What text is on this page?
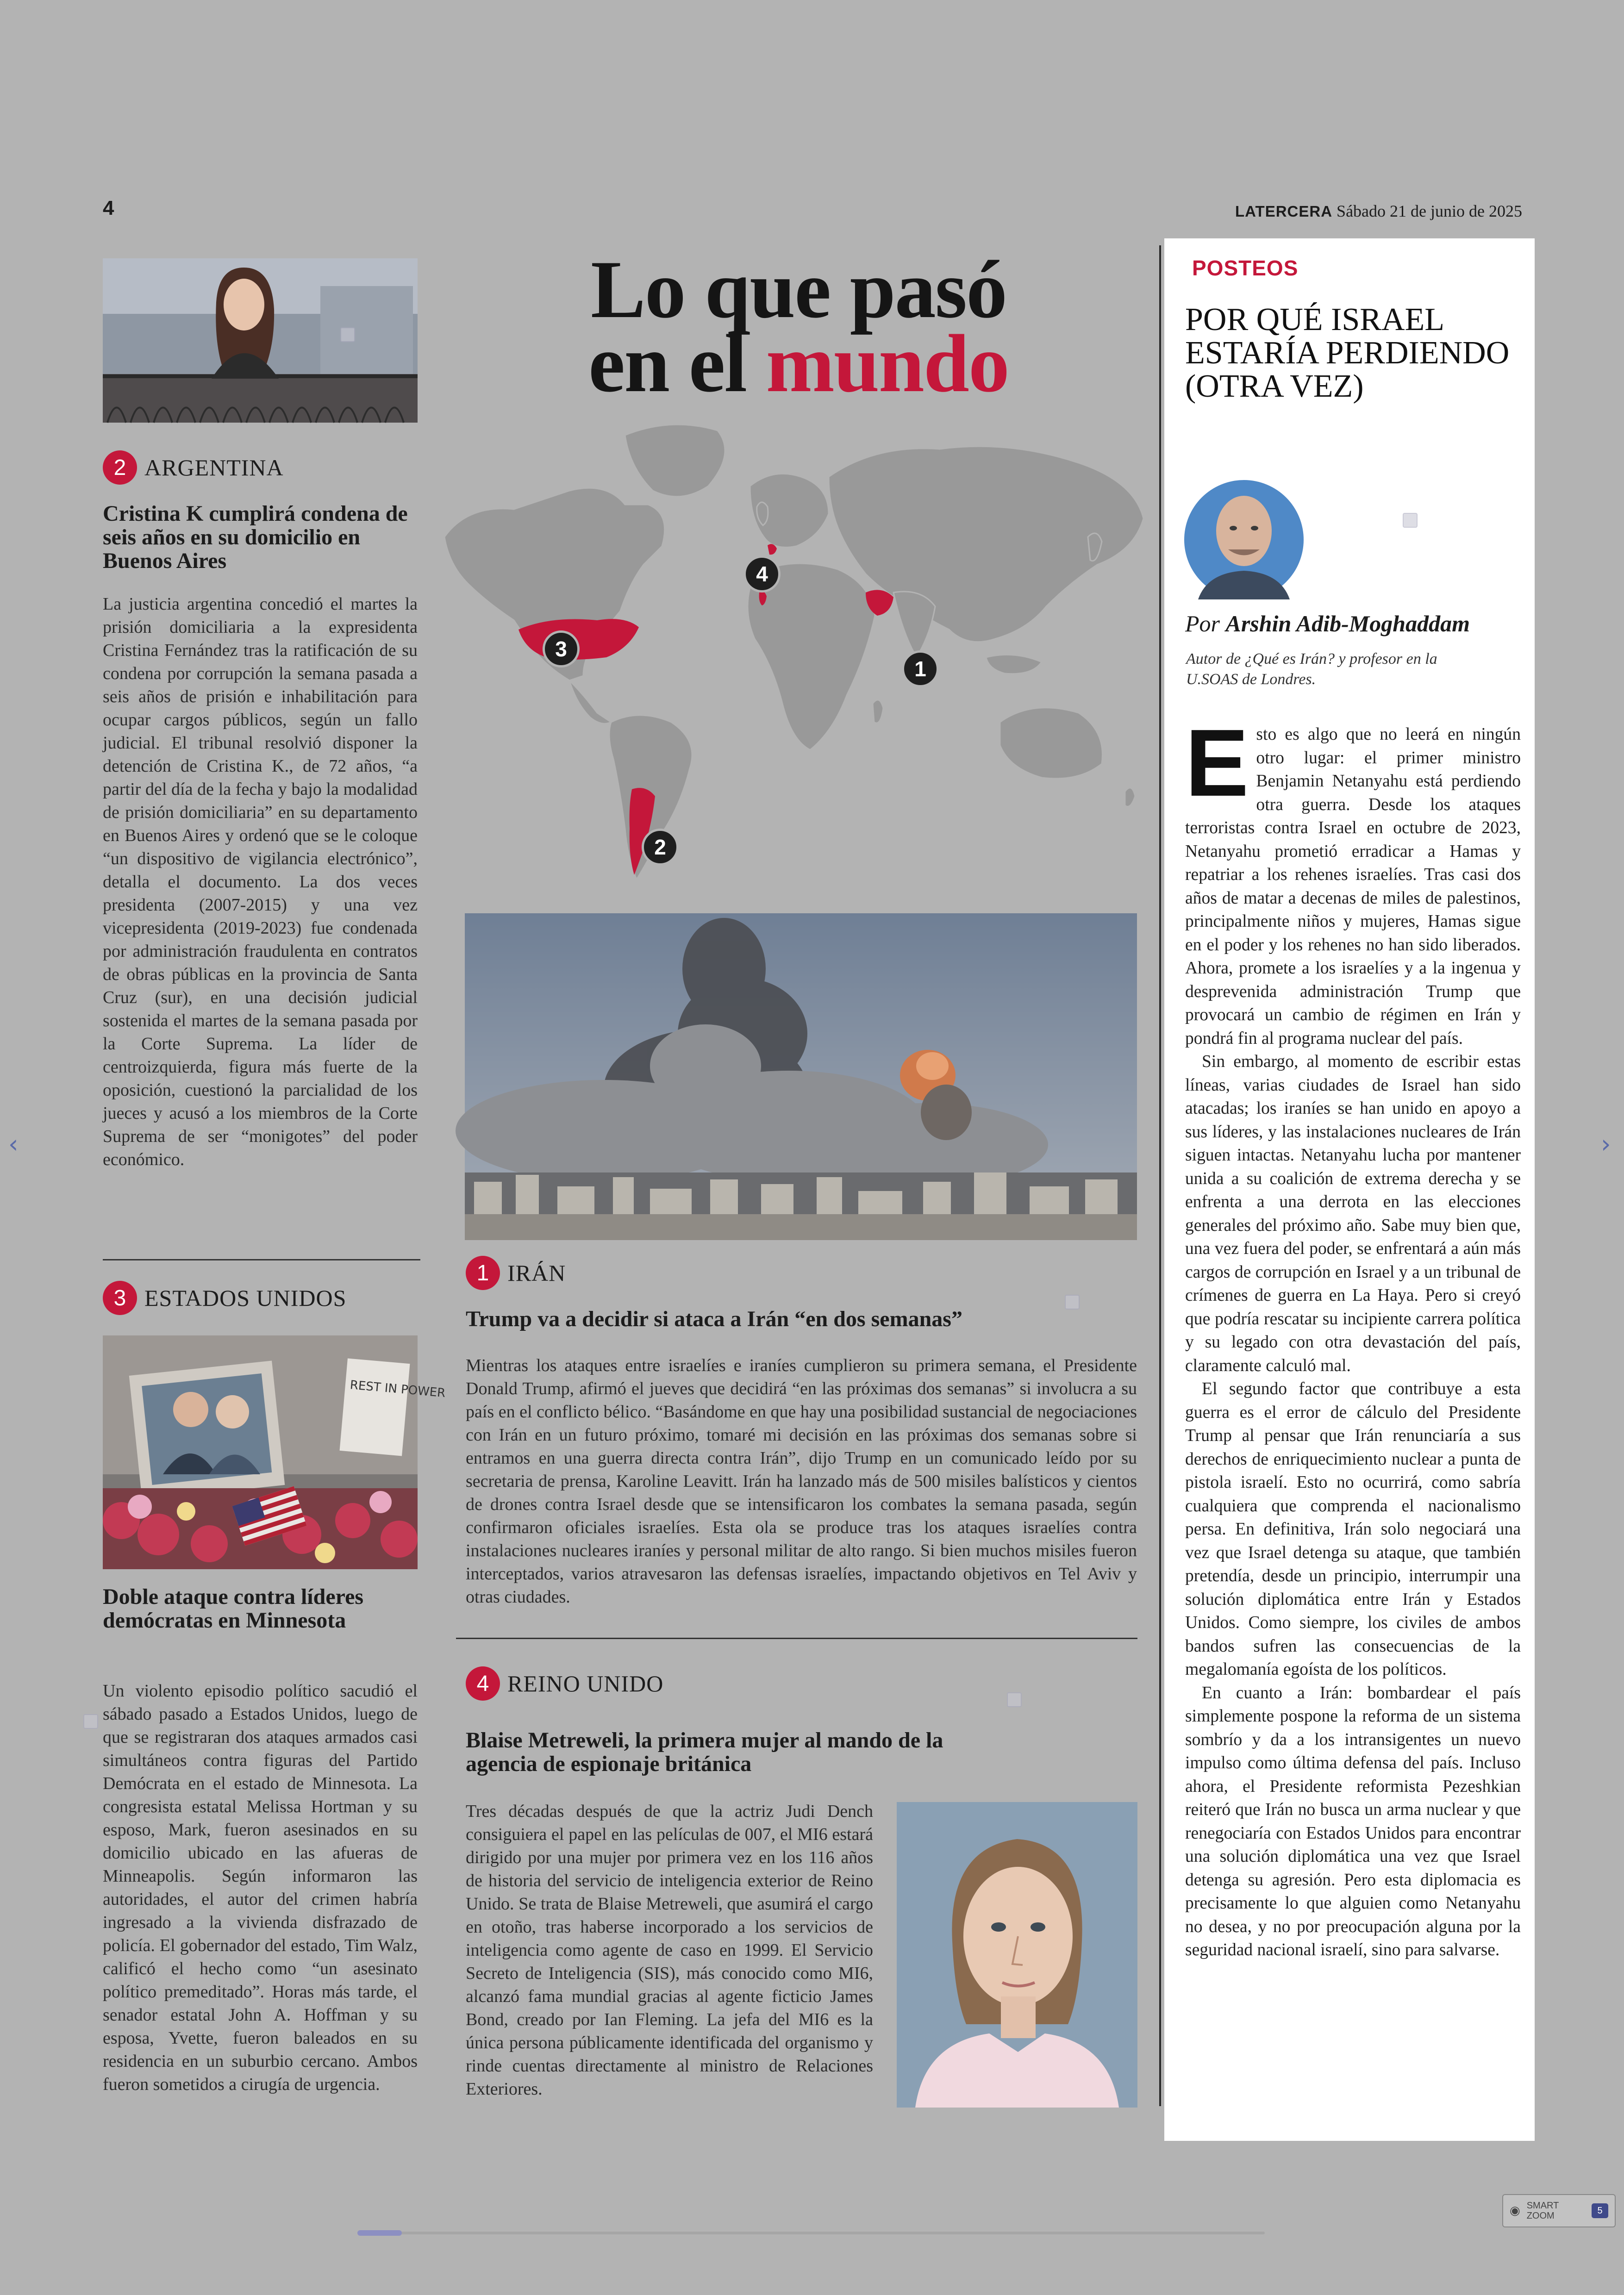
4	LATERCERA Sábado 21 de junio de 2025
2 ARGENTINA
Cristina K cumplirá condena de seis años en su domicilio en Buenos Aires
La justicia argentina concedió el martes la prisión domiciliaria a la expresidenta Cristina Fernández tras la ratificación de su condena por corrupción la semana pasada a seis años de prisión e inhabilitación para ocupar cargos públicos, según un fallo judicial. El tribunal resolvió disponer la detención de Cristina K., de 72 años, “a partir del día de la fecha y bajo la modalidad de prisión domiciliaria” en su departamento en Buenos Aires y ordenó que se le coloque “un dispositivo de vigilancia electrónico”, detalla el documento. La dos veces presidenta (2007-2015) y una vez vicepresidenta (2019-2023) fue condenada por administración fraudulenta en contratos de obras públicas en la provincia de Santa Cruz (sur), en una decisión judicial sostenida el martes de la semana pasada por la Corte Suprema. La líder de centroizquierda, figura más fuerte de la oposición, cuestionó la parcialidad de los jueces y acusó a los miembros de la Corte Suprema de ser “monigotes” del poder económico.
3 ESTADOS UNIDOS
REST IN POWER
Doble ataque contra líderes demócratas en Minnesota
Un violento episodio político sacudió el sábado pasado a Estados Unidos, luego de que se registraran dos ataques armados casi simultáneos contra figuras del Partido Demócrata en el estado de Minnesota. La congresista estatal Melissa Hortman y su esposo, Mark, fueron asesinados en su domicilio ubicado en las afueras de Minneapolis. Según informaron las autoridades, el autor del crimen habría ingresado a la vivienda disfrazado de policía. El gobernador del estado, Tim Walz, calificó el hecho como “un asesinato político premeditado”. Horas más tarde, el senador estatal John A. Hoffman y su esposa, Yvette, fueron baleados en su residencia en un suburbio cercano. Ambos fueron sometidos a cirugía de urgencia.
Lo que pasó
en el mundo
1
2
3
4
1 IRÁN
Trump va a decidir si ataca a Irán “en dos semanas”
Mientras los ataques entre israelíes e iraníes cumplieron su primera semana, el Presidente Donald Trump, afirmó el jueves que decidirá “en las próximas dos semanas” si involucra a su país en el conflicto bélico. “Basándome en que hay una posibilidad sustancial de negociaciones con Irán en un futuro próximo, tomaré mi decisión en las próximas dos semanas sobre si entramos en una guerra directa contra Irán”, dijo Trump en un comunicado leído por su secretaria de prensa, Karoline Leavitt. Irán ha lanzado más de 500 misiles balísticos y cientos de drones contra Israel desde que se intensificaron los combates la semana pasada, según confirmaron oficiales israelíes. Esta ola se produce tras los ataques israelíes contra instalaciones nucleares iraníes y personal militar de alto rango. Si bien muchos misiles fueron interceptados, varios atravesaron las defensas israelíes, impactando objetivos en Tel Aviv y otras ciudades.
4 REINO UNIDO
Blaise Metreweli, la primera mujer al mando de la agencia de espionaje británica
Tres décadas después de que la actriz Judi Dench consiguiera el papel en las películas de 007, el MI6 estará dirigido por una mujer por primera vez en los 116 años de historia del servicio de inteligencia exterior de Reino Unido. Se trata de Blaise Metreweli, que asumirá el cargo en otoño, tras haberse incorporado a los servicios de inteligencia como agente de caso en 1999. El Servicio Secreto de Inteligencia (SIS), más conocido como MI6, alcanzó fama mundial gracias al agente ficticio James Bond, creado por Ian Fleming. La jefa del MI6 es la única persona públicamente identificada del organismo y rinde cuentas directamente al ministro de Relaciones Exteriores.
POSTEOS
POR QUÉ ISRAEL ESTARÍA PERDIENDO (OTRA VEZ)
Por Arshin Adib-Moghaddam
Autor de ¿Qué es Irán? y profesor en la U.SOAS de Londres.

Esto es algo que no leerá en ningún otro lugar: el primer ministro Benjamin Netanyahu está perdiendo otra guerra. Desde los ataques terroristas contra Israel en octubre de 2023, Netanyahu prometió erradicar a Hamas y repatriar a los rehenes israelíes. Tras casi dos años de matar a decenas de miles de palestinos, principalmente niños y mujeres, Hamas sigue en el poder y los rehenes no han sido liberados. Ahora, promete a los israelíes y a la ingenua y desprevenida administración Trump que provocará un cambio de régimen en Irán y pondrá fin al programa nuclear del país.

Sin embargo, al momento de escribir estas líneas, varias ciudades de Israel han sido atacadas; los iraníes se han unido en apoyo a sus líderes, y las instalaciones nucleares de Irán siguen intactas. Netanyahu lucha por mantener unida a su coalición de extrema derecha y se enfrenta a una derrota en las elecciones generales del próximo año. Sabe muy bien que, una vez fuera del poder, se enfrentará a aún más cargos de corrupción en Israel y a un tribunal de crímenes de guerra en La Haya. Pero si creyó que podría rescatar su incipiente carrera política y su legado con otra devastación del país, claramente calculó mal.

El segundo factor que contribuye a esta guerra es el error de cálculo del Presidente Trump al pensar que Irán renunciaría a sus derechos de enriquecimiento nuclear a punta de pistola israelí. Esto no ocurrirá, como sabría cualquiera que comprenda el nacionalismo persa. En definitiva, Irán solo negociará una vez que Israel detenga su ataque, que también pretendía, desde un principio, interrumpir una solución diplomática entre Irán y Estados Unidos. Como siempre, los civiles de ambos bandos sufren las consecuencias de la megalomanía egoísta de los políticos.

En cuanto a Irán: bombardear el país simplemente pospone la reforma de un sistema sombrío y da a los intransigentes un nuevo impulso como última defensa del país. Incluso ahora, el Presidente reformista Pezeshkian reiteró que Irán no busca un arma nuclear y que renegociaría con Estados Unidos para encontrar una solución diplomática una vez que Israel detenga su agresión. Pero esta diplomacia es precisamente lo que alguien como Netanyahu no desea, y no por preocupación alguna por la seguridad nacional israelí, sino para salvarse.

‹	›
◉ SMART
ZOOM	5
